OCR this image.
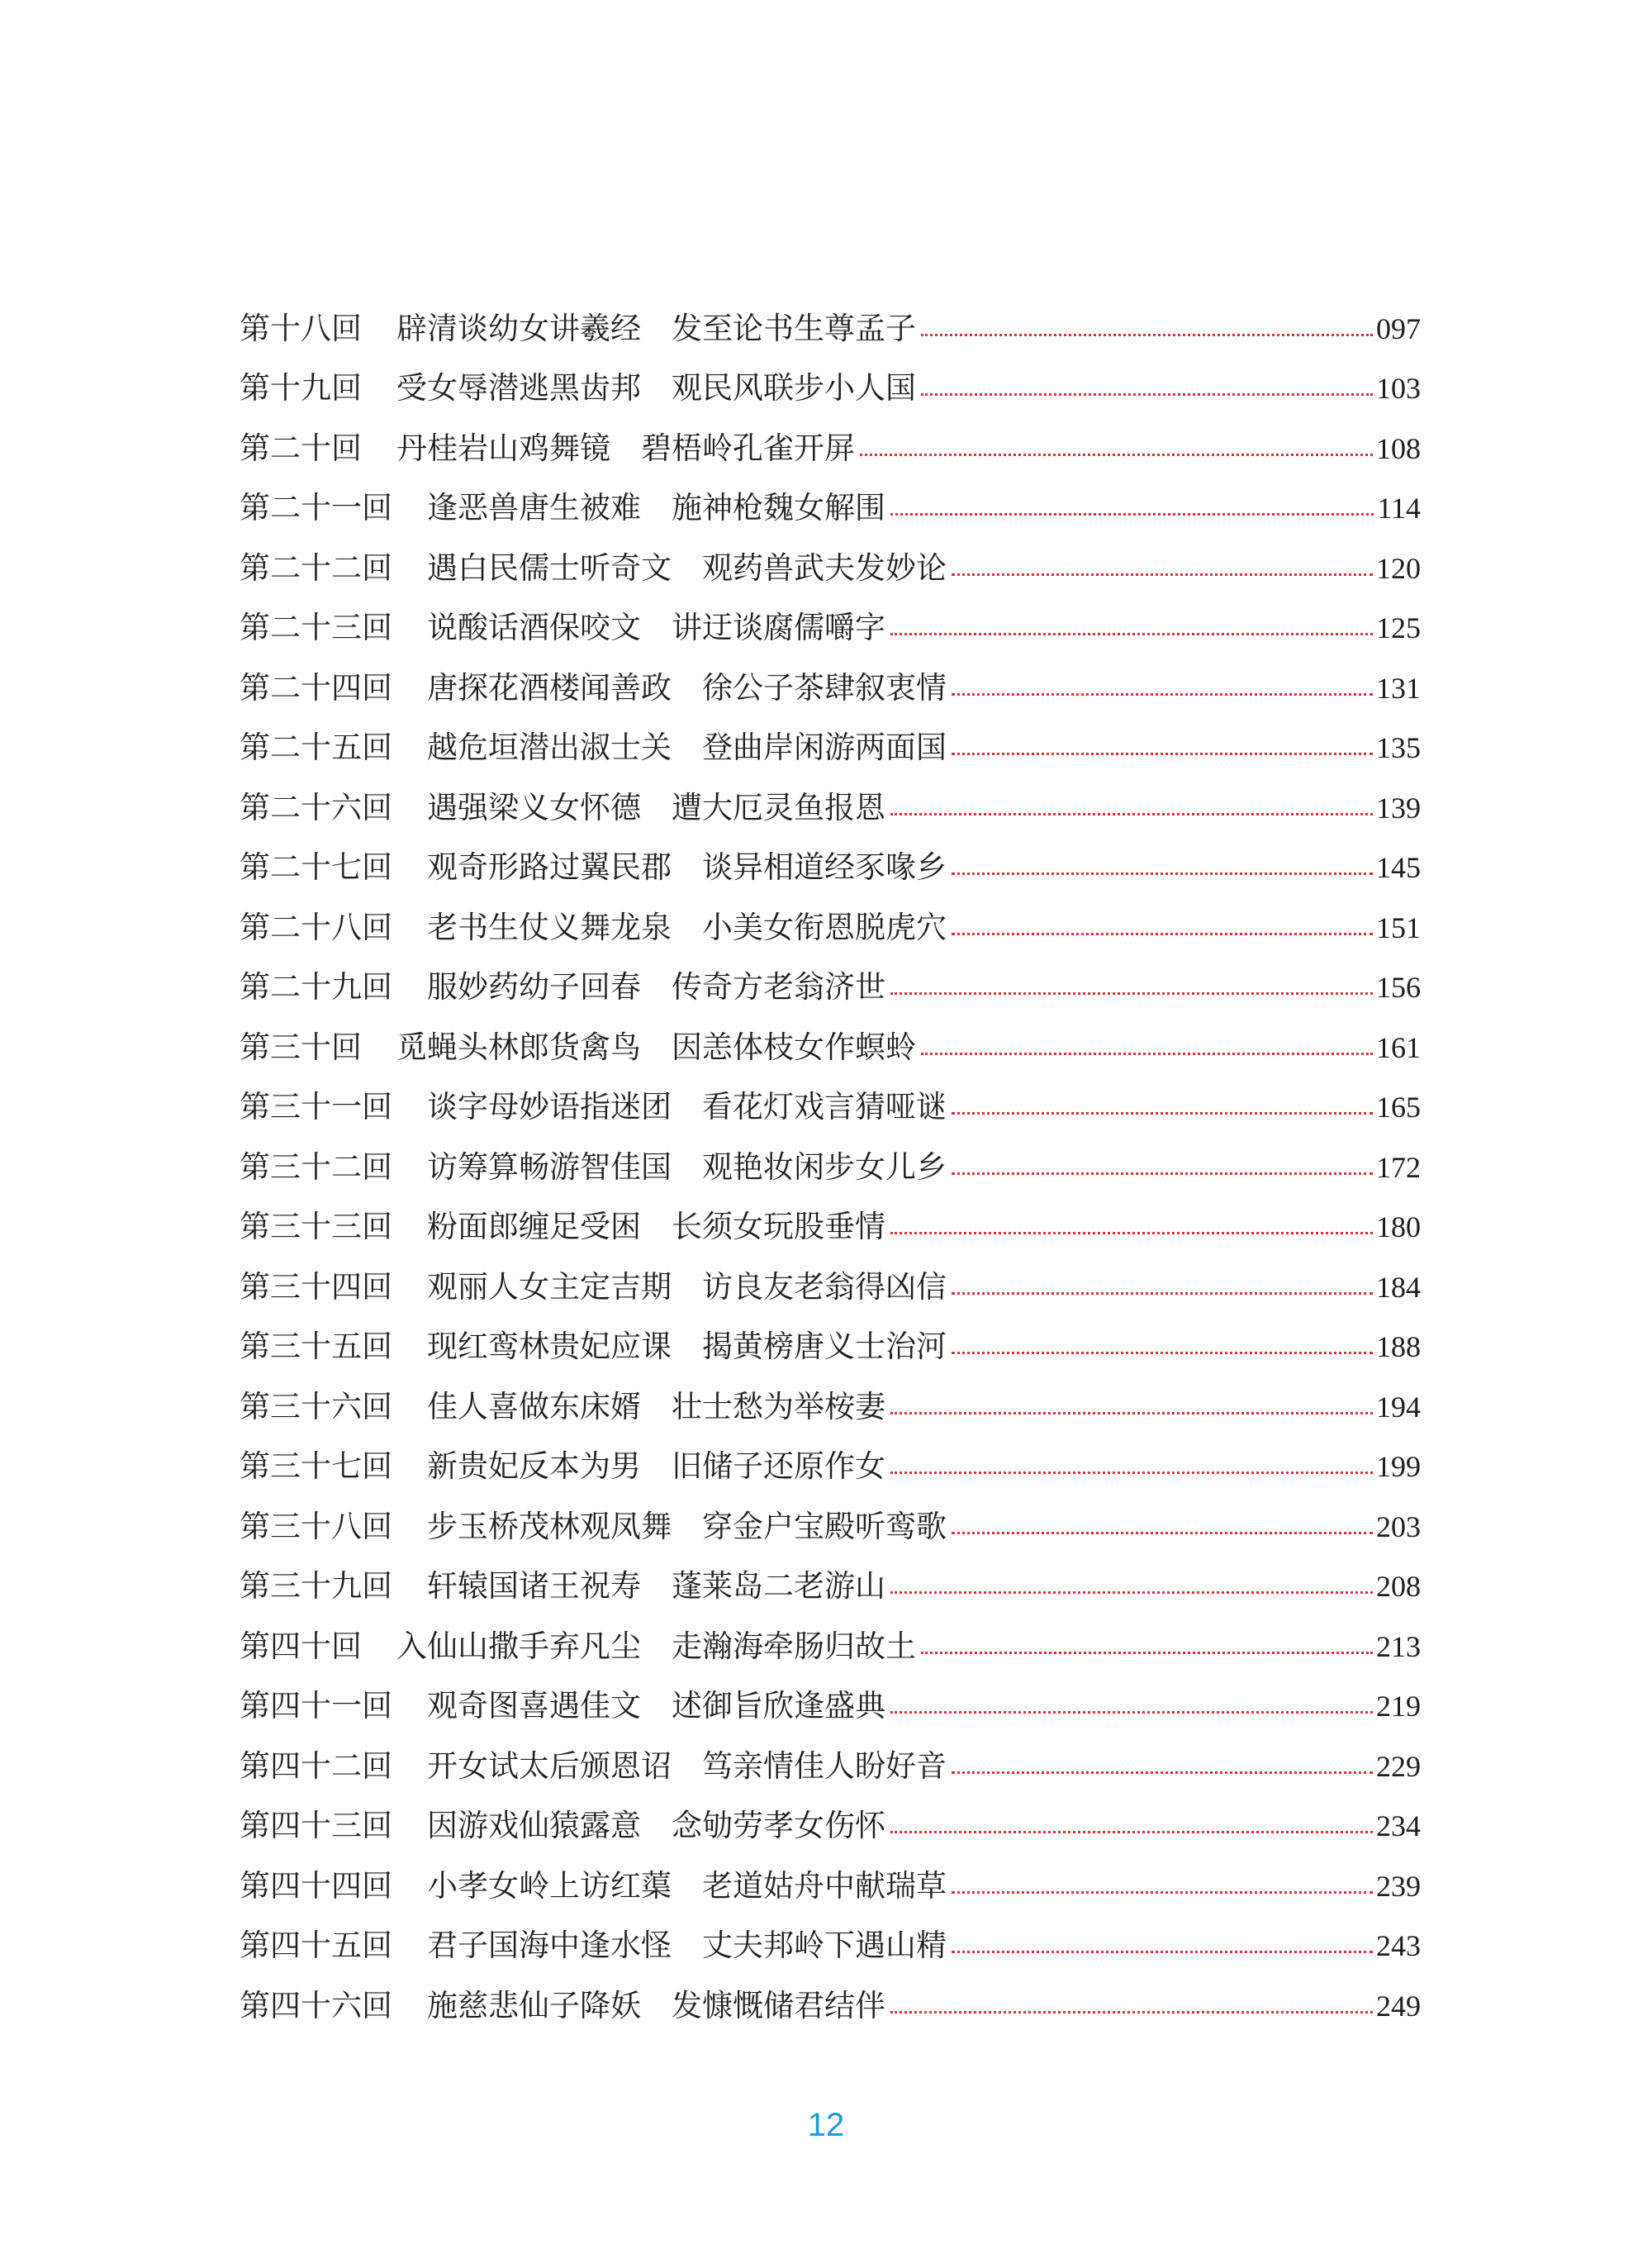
第十八回	辟清谈幼女讲羲经　发至论书生尊孟子	097
第十九回	受女辱潜逃黑齿邦　观民风联步小人国	103
第二十回	丹桂岩山鸡舞镜　碧梧岭孔雀开屏	108
第二十一回	逢恶兽唐生被难　施神枪魏女解围	114
第二十二回	遇白民儒士听奇文　观药兽武夫发妙论	120
第二十三回	说酸话酒保咬文　讲迂谈腐儒嚼字	125
第二十四回	唐探花酒楼闻善政　徐公子茶肆叙衷情	131
第二十五回	越危垣潜出淑士关　登曲岸闲游两面国	135
第二十六回	遇强梁义女怀德　遭大厄灵鱼报恩	139
第二十七回	观奇形路过翼民郡　谈异相道经豕喙乡	145
第二十八回	老书生仗义舞龙泉　小美女衔恩脱虎穴	151
第二十九回	服妙药幼子回春　传奇方老翁济世	156
第三十回	觅蝇头林郎货禽鸟　因恙体枝女作螟蛉	161
第三十一回	谈字母妙语指迷团　看花灯戏言猜哑谜	165
第三十二回	访筹算畅游智佳国　观艳妆闲步女儿乡	172
第三十三回	粉面郎缠足受困　长须女玩股垂情	180
第三十四回	观丽人女主定吉期　访良友老翁得凶信	184
第三十五回	现红鸾林贵妃应课　揭黄榜唐义士治河	188
第三十六回	佳人喜做东床婿　壮士愁为举桉妻	194
第三十七回	新贵妃反本为男　旧储子还原作女	199
第三十八回	步玉桥茂林观凤舞　穿金户宝殿听鸾歌	203
第三十九回	轩辕国诸王祝寿　蓬莱岛二老游山	208
第四十回	入仙山撒手弃凡尘　走瀚海牵肠归故土	213
第四十一回	观奇图喜遇佳文　述御旨欣逢盛典	219
第四十二回	开女试太后颁恩诏　笃亲情佳人盼好音	229
第四十三回	因游戏仙猿露意　念劬劳孝女伤怀	234
第四十四回	小孝女岭上访红蕖　老道姑舟中献瑞草	239
第四十五回	君子国海中逢水怪　丈夫邦岭下遇山精	243
第四十六回	施慈悲仙子降妖　发慷慨储君结伴	249
12
